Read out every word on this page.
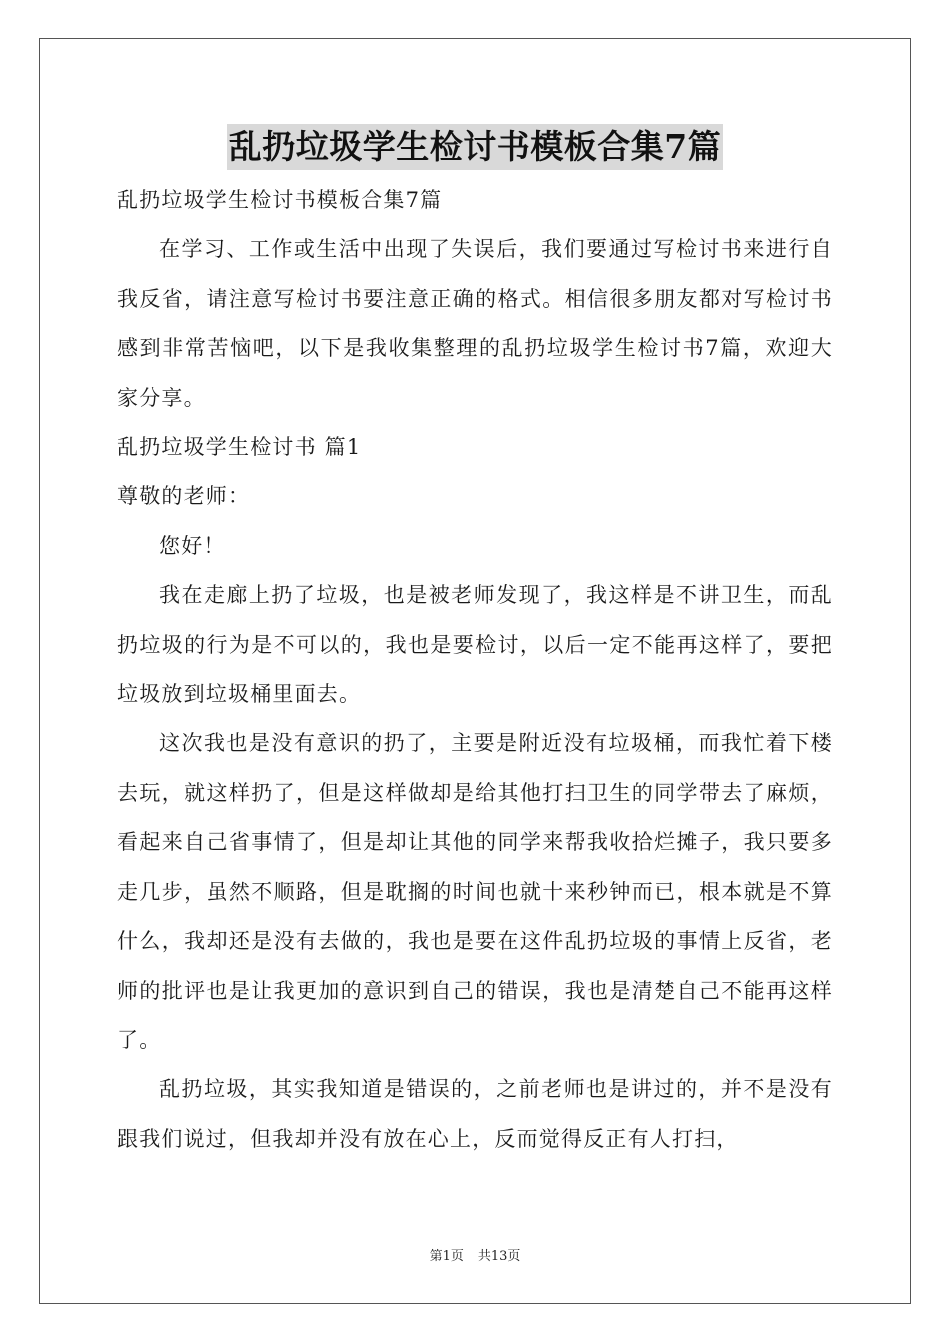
乱扔垃圾学生检讨书模板合集7篇

乱扔垃圾学生检讨书模板合集7篇

在学习、工作或生活中出现了失误后，我们要通过写检讨书来进行自我反省，请注意写检讨书要注意正确的格式。相信很多朋友都对写检讨书感到非常苦恼吧，以下是我收集整理的乱扔垃圾学生检讨书7篇，欢迎大家分享。

乱扔垃圾学生检讨书 篇1

尊敬的老师：

您好！

我在走廊上扔了垃圾，也是被老师发现了，我这样是不讲卫生，而乱扔垃圾的行为是不可以的，我也是要检讨，以后一定不能再这样了，要把垃圾放到垃圾桶里面去。

这次我也是没有意识的扔了，主要是附近没有垃圾桶，而我忙着下楼去玩，就这样扔了，但是这样做却是给其他打扫卫生的同学带去了麻烦，看起来自己省事情了，但是却让其他的同学来帮我收拾烂摊子，我只要多走几步，虽然不顺路，但是耽搁的时间也就十来秒钟而已，根本就是不算什么，我却还是没有去做的，我也是要在这件乱扔垃圾的事情上反省，老师的批评也是让我更加的意识到自己的错误，我也是清楚自己不能再这样了。

乱扔垃圾，其实我知道是错误的，之前老师也是讲过的，并不是没有跟我们说过，但我却并没有放在心上，反而觉得反正有人打扫，

第1页 共13页
